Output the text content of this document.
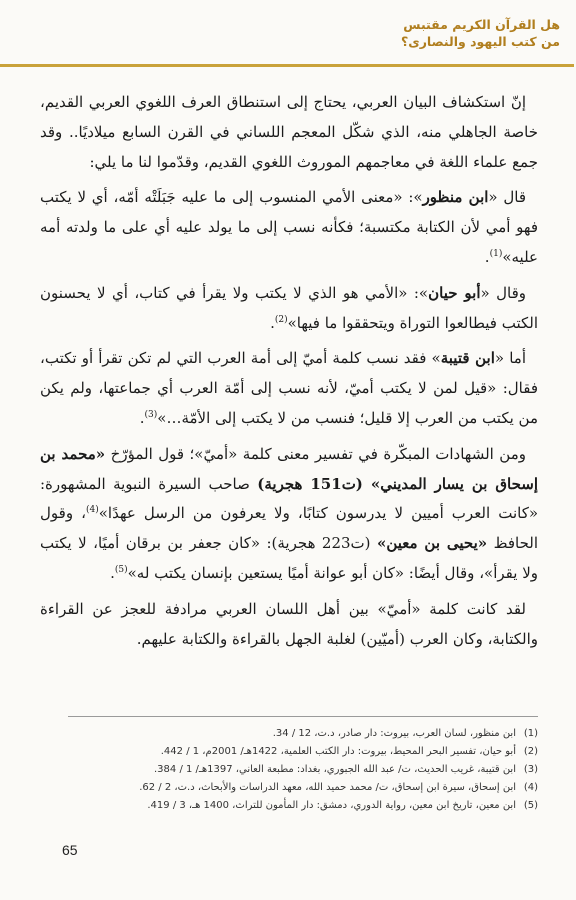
هل القرآن الكريم مقتبس
من كتب اليهود والنصارى؟

إنّ استكشاف البيان العربي، يحتاج إلى استنطاق العرف اللغوي العربي القديم، خاصة الجاهلي منه، الذي شكّل المعجم اللساني في القرن السابع ميلاديًا.. وقد جمع علماء اللغة في معاجمهم الموروث اللغوي القديم، وقدّموا لنا ما يلي:

قال «ابن منظور»: «معنى الأمي المنسوب إلى ما عليه جَبَلَتْه أمّه، أي لا يكتب فهو أمي لأن الكتابة مكتسبة؛ فكأنه نسب إلى ما يولد عليه أي على ما ولدته أمه عليه»$^{(1)}$.

وقال «أبو حيان»: «الأمي هو الذي لا يكتب ولا يقرأ في كتاب، أي لا يحسنون الكتب فيطالعوا التوراة ويتحققوا ما فيها»$^{(2)}$.

أما «ابن قتيبة» فقد نسب كلمة أميّ إلى أمة العرب التي لم تكن تقرأ أو تكتب، فقال: «قيل لمن لا يكتب أميّ، لأنه نسب إلى أمّة العرب أي جماعتها، ولم يكن من يكتب من العرب إلا قليل؛ فنسب من لا يكتب إلى الأمّة…»$^{(3)}$.

ومن الشهادات المبكّرة في تفسير معنى كلمة «أميّ»؛ قول المؤرّخ «محمد بن إسحاق بن يسار المديني» (ت151 هجرية) صاحب السيرة النبوية المشهورة: «كانت العرب أميين لا يدرسون كتابًا، ولا يعرفون من الرسل عهدًا»$^{(4)}$، وقول الحافظ «يحيى بن معين» (ت223 هجرية): «كان جعفر بن برقان أميًا، لا يكتب ولا يقرأ»، وقال أيضًا: «كان أبو عوانة أميًا يستعين بإنسان يكتب له»$^{(5)}$.

لقد كانت كلمة «أميّ» بين أهل اللسان العربي مرادفة للعجز عن القراءة والكتابة، وكان العرب (أميّين) لغلبة الجهل بالقراءة والكتابة عليهم.

(1)
ابن منظور، لسان العرب، بيروت: دار صادر، د.ت، 12 / 34.
(2)
أبو حيان، تفسير البحر المحيط، بيروت: دار الكتب العلمية، 1422هـ/ 2001م، 1 / 442.
(3)
ابن قتيبة، غريب الحديث، ت/ عبد الله الجبوري، بغداد: مطبعة العاني، 1397هـ/ 1 / 384.
(4)
ابن إسحاق، سيرة ابن إسحاق، ت/ محمد حميد الله، معهد الدراسات والأبحاث، د.ت، 2 / 62.
(5)
ابن معين، تاريخ ابن معين، رواية الدوري، دمشق: دار المأمون للتراث، 1400 هـ، 3 / 419.
65
